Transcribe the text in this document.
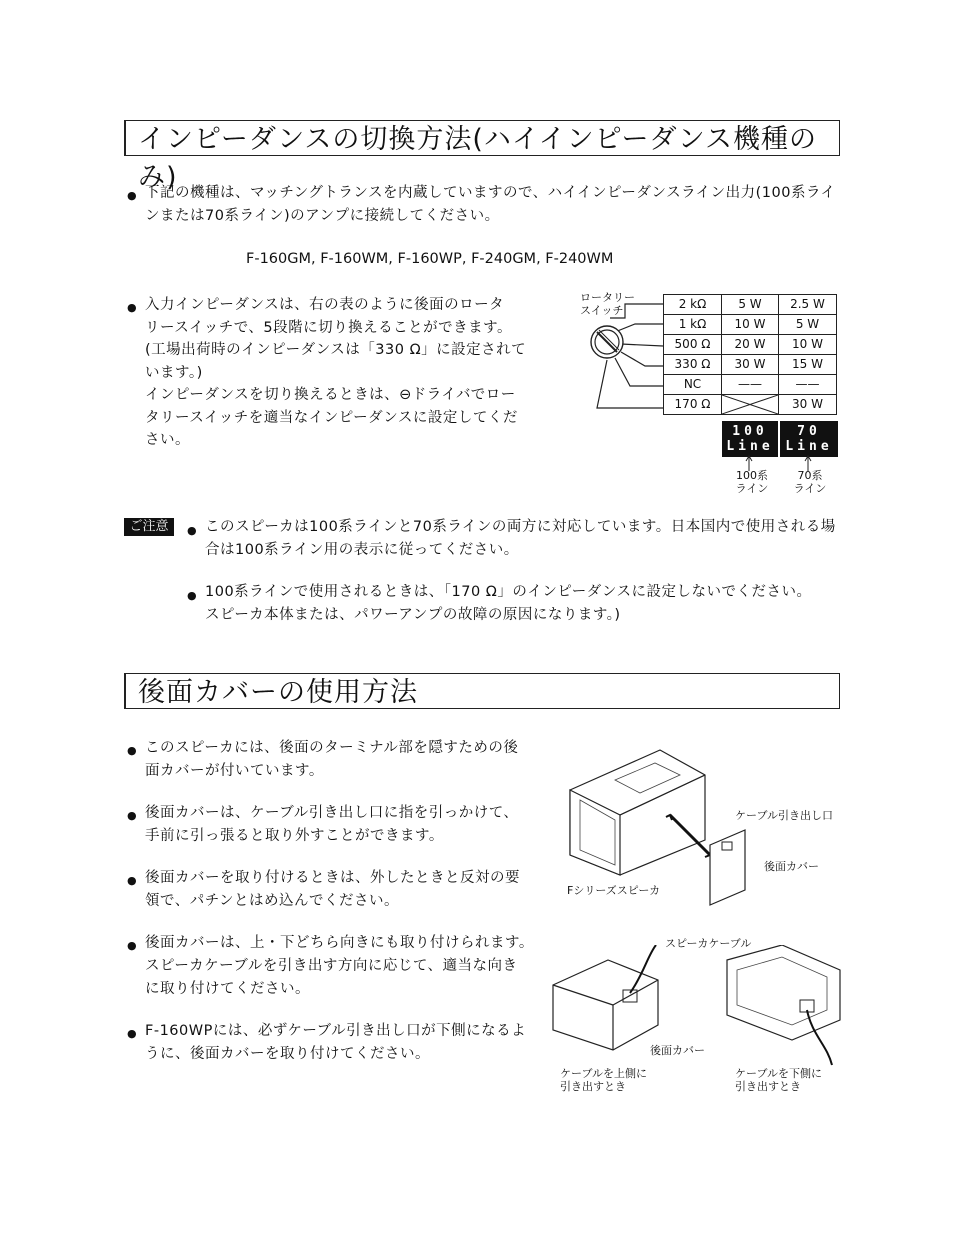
インピーダンスの切換方法(ハイインピーダンス機種のみ)
● 下記の機種は、マッチングトランスを内蔵していますので、ハイインピーダンスライン出力(100系ライ
ンまたは70系ライン)のアンプに接続してください。
F-160GM, F-160WM, F-160WP, F-240GM, F-240WM
● 入力インピーダンスは、右の表のように後面のロータ
リースイッチで、5段階に切り換えることができます。
(工場出荷時のインピーダンスは「330 Ω」に設定されて
います。)
インピーダンスを切り換えるときは、⊖ドライバでロー
タリースイッチを適当なインピーダンスに設定してくだ
さい。
ロータリー
スイッチ	2 kΩ	5 W	2.5 W
1 kΩ	10 W	5 W
500 Ω	20 W	10 W
330 Ω	30 W	15 W
NC	——	——
170 Ω		30 W
100
Line
70
Line
100系
ライン
70系
ライン
ご注意	● このスピーカは100系ラインと70系ラインの両方に対応しています。日本国内で使用される場
合は100系ライン用の表示に従ってください。
● 100系ラインで使用されるときは、「170 Ω」のインピーダンスに設定しないでください。
スピーカ本体または、パワーアンプの故障の原因になります。)
後面カバーの使用方法
● このスピーカには、後面のターミナル部を隠すための後
面カバーが付いています。
● 後面カバーは、ケーブル引き出し口に指を引っかけて、
手前に引っ張ると取り外すことができます。
● 後面カバーを取り付けるときは、外したときと反対の要
領で、パチンとはめ込んでください。
● 後面カバーは、上・下どちら向きにも取り付けられます。
スピーカケーブルを引き出す方向に応じて、適当な向き
に取り付けてください。
● F-160WPには、必ずケーブル引き出し口が下側になるよ
うに、後面カバーを取り付けてください。
ケーブル引き出し口
後面カバー
Fシリーズスピーカ
スピーカケーブル
後面カバー
ケーブルを上側に
引き出すとき
ケーブルを下側に
引き出すとき
